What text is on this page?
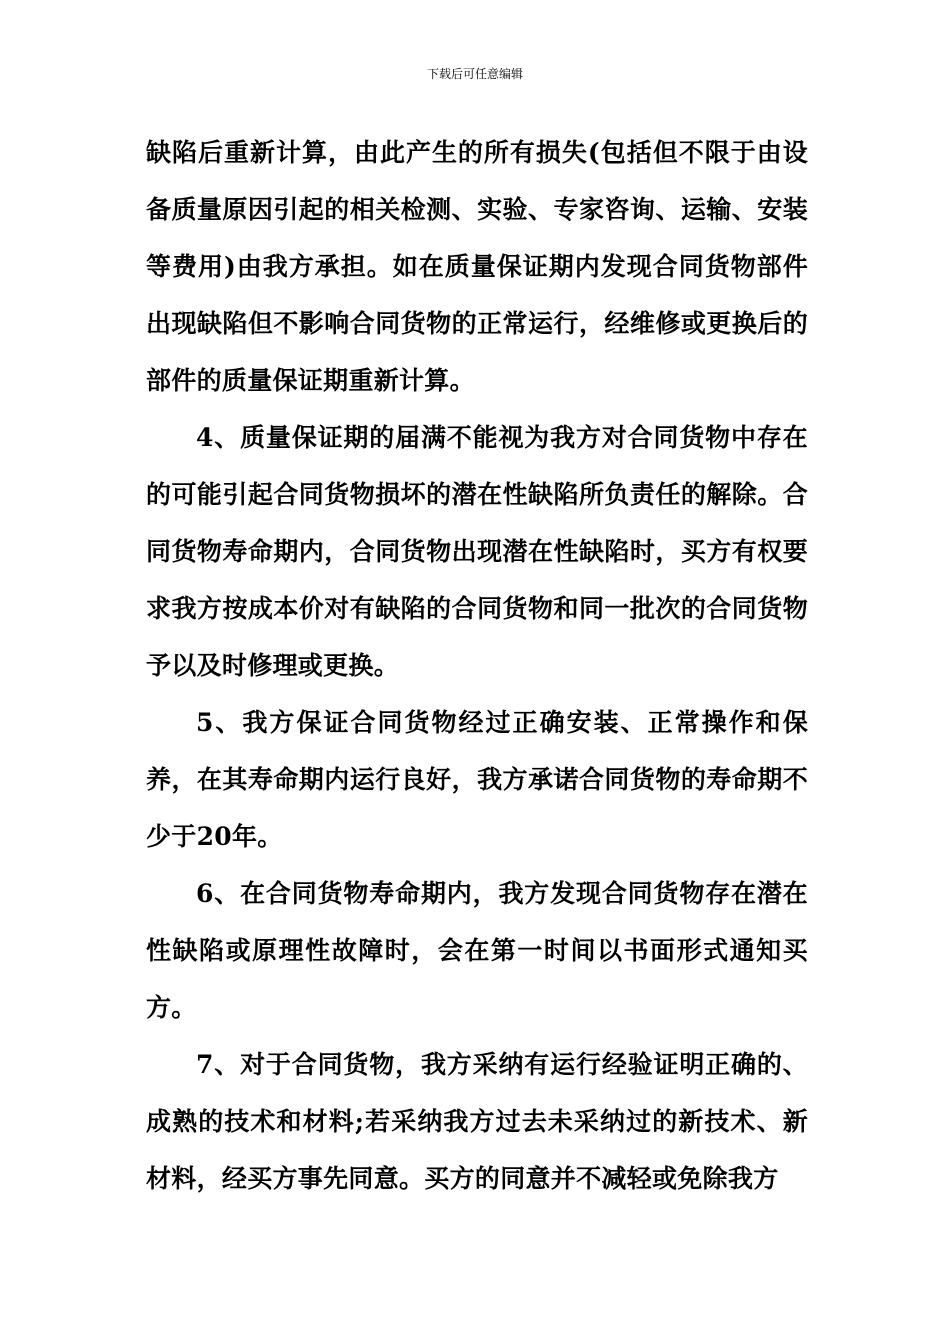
下载后可任意编辑

缺陷后重新计算，由此产生的所有损失(包括但不限于由设备质量原因引起的相关检测、实验、专家咨询、运输、安装等费用)由我方承担。如在质量保证期内发现合同货物部件出现缺陷但不影响合同货物的正常运行，经维修或更换后的部件的质量保证期重新计算。

4、质量保证期的届满不能视为我方对合同货物中存在的可能引起合同货物损坏的潜在性缺陷所负责任的解除。合同货物寿命期内，合同货物出现潜在性缺陷时，买方有权要求我方按成本价对有缺陷的合同货物和同一批次的合同货物予以及时修理或更换。

5、我方保证合同货物经过正确安装、正常操作和保养，在其寿命期内运行良好，我方承诺合同货物的寿命期不少于20年。

6、在合同货物寿命期内，我方发现合同货物存在潜在性缺陷或原理性故障时，会在第一时间以书面形式通知买方。

7、对于合同货物，我方采纳有运行经验证明正确的、成熟的技术和材料;若采纳我方过去未采纳过的新技术、新材料，经买方事先同意。买方的同意并不减轻或免除我方
